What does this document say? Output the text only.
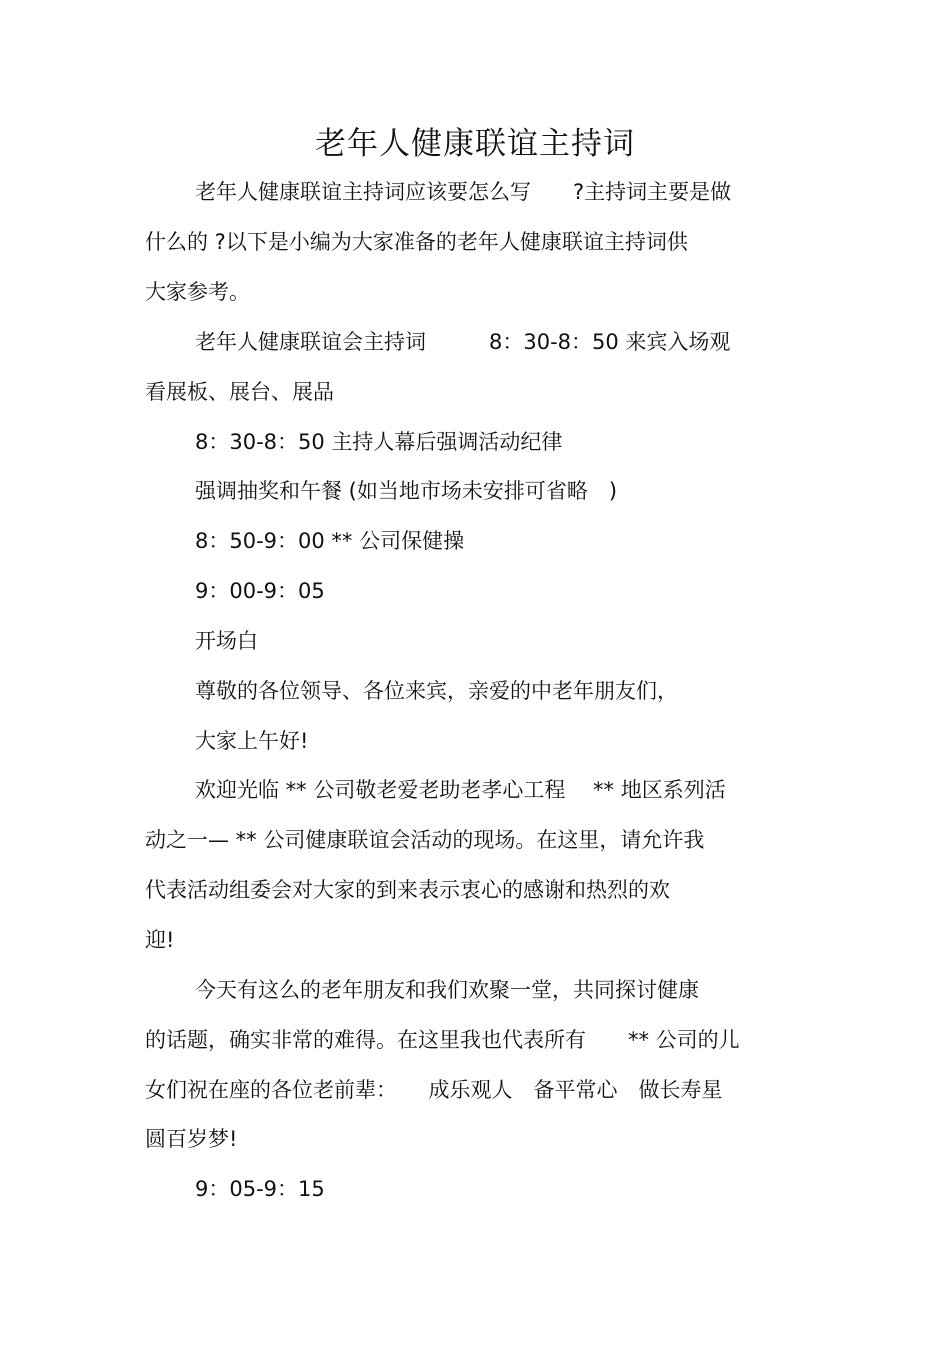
老年人健康联谊主持词
老年人健康联谊主持词应该要怎么写　　?主持词主要是做
什么的 ?以下是小编为大家准备的老年人健康联谊主持词供
大家参考。
老年人健康联谊会主持词　　　8：30-8：50 来宾入场观
看展板、展台、展品
8：30-8：50 主持人幕后强调活动纪律
强调抽奖和午餐 (如当地市场未安排可省略　)
8：50-9：00 ** 公司保健操
9：00-9：05
开场白
尊敬的各位领导、各位来宾，亲爱的中老年朋友们，
大家上午好!
欢迎光临 ** 公司敬老爱老助老孝心工程　 ** 地区系列活
动之一— ** 公司健康联谊会活动的现场。在这里，请允许我
代表活动组委会对大家的到来表示衷心的感谢和热烈的欢
迎!
今天有这么的老年朋友和我们欢聚一堂，共同探讨健康
的话题，确实非常的难得。在这里我也代表所有　　** 公司的儿
女们祝在座的各位老前辈：　　成乐观人　备平常心　做长寿星
圆百岁梦!
9：05-9：15
